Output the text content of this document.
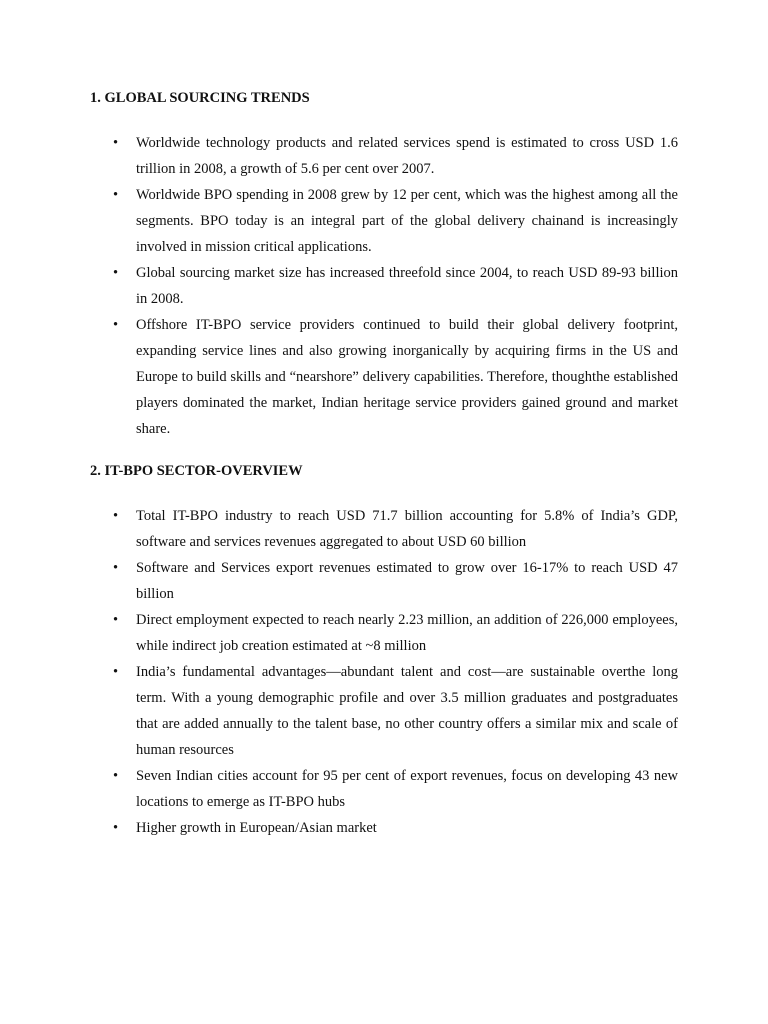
1. GLOBAL SOURCING TRENDS
• Worldwide technology products and related services spend is estimated to cross USD 1.6 trillion in 2008, a growth of 5.6 per cent over 2007.
• Worldwide BPO spending in 2008 grew by 12 per cent, which was the highest among all the segments. BPO today is an integral part of the global delivery chainand is increasingly involved in mission critical applications.
• Global sourcing market size has increased threefold since 2004, to reach USD 89-93 billion in 2008.
• Offshore IT-BPO service providers continued to build their global delivery footprint, expanding service lines and also growing inorganically by acquiring firms in the US and Europe to build skills and “nearshore” delivery capabilities. Therefore, thoughthe established players dominated the market, Indian heritage service providers gained ground and market share.
2. IT-BPO SECTOR-OVERVIEW
• Total IT-BPO industry to reach USD 71.7 billion accounting for 5.8% of India’s GDP, software and services revenues aggregated to about USD 60 billion
• Software and Services export revenues estimated to grow over 16-17% to reach USD 47 billion
• Direct employment expected to reach nearly 2.23 million, an addition of 226,000 employees, while indirect job creation estimated at ~8 million
• India’s fundamental advantages—abundant talent and cost—are sustainable overthe long term. With a young demographic profile and over 3.5 million graduates and postgraduates that are added annually to the talent base, no other country offers a similar mix and scale of human resources
• Seven Indian cities account for 95 per cent of export revenues, focus on developing 43 new locations to emerge as IT-BPO hubs
• Higher growth in European/Asian market
